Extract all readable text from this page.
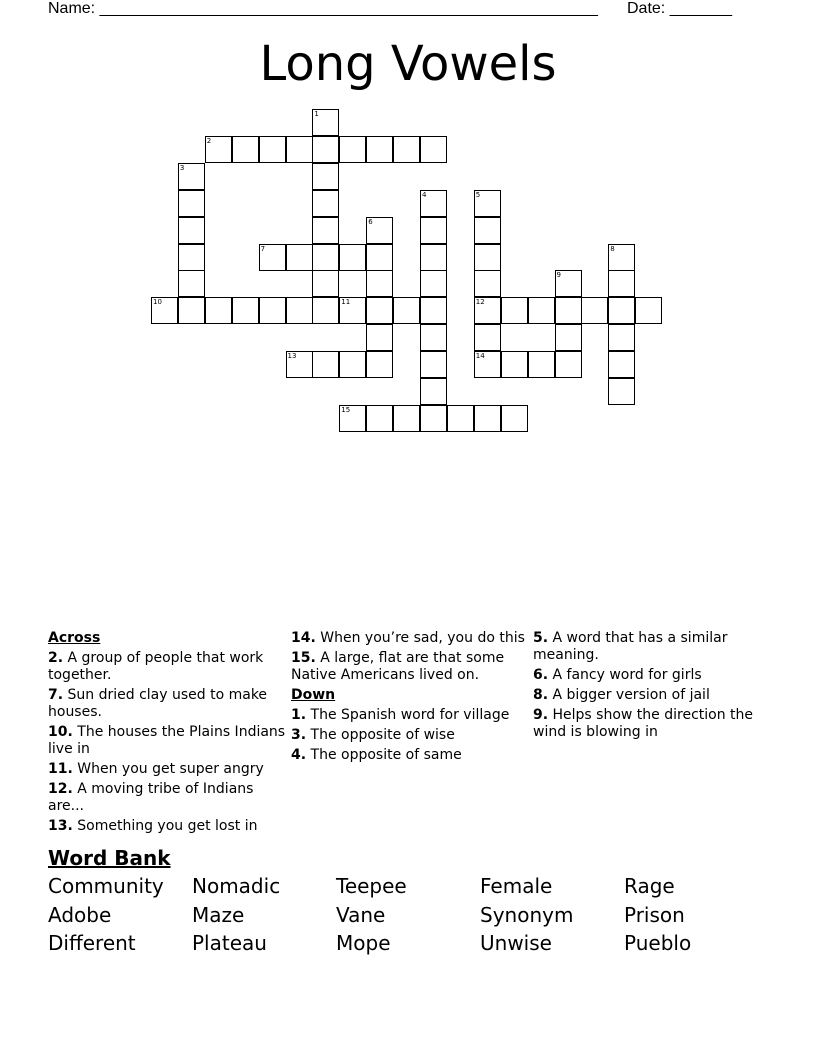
Name: ________________________________________________________ Date: _______
Long Vowels
1
2
3
4	5
6
7	8
9
10	11	12
13	14
15
Across
2. A group of people that work together.
7. Sun dried clay used to make houses.
10. The houses the Plains Indians live in
11. When you get super angry
12. A moving tribe of Indians are...
13. Something you get lost in
14. When you’re sad, you do this
15. A large, flat are that some Native Americans lived on.
Down
1. The Spanish word for village
3. The opposite of wise
4. The opposite of same
5. A word that has a similar meaning.
6. A fancy word for girls
8. A bigger version of jail
9. Helps show the direction the wind is blowing in
Word Bank
Community	Nomadic	Teepee	Female	Rage
Adobe	Maze	Vane	Synonym	Prison
Different	Plateau	Mope	Unwise	Pueblo
